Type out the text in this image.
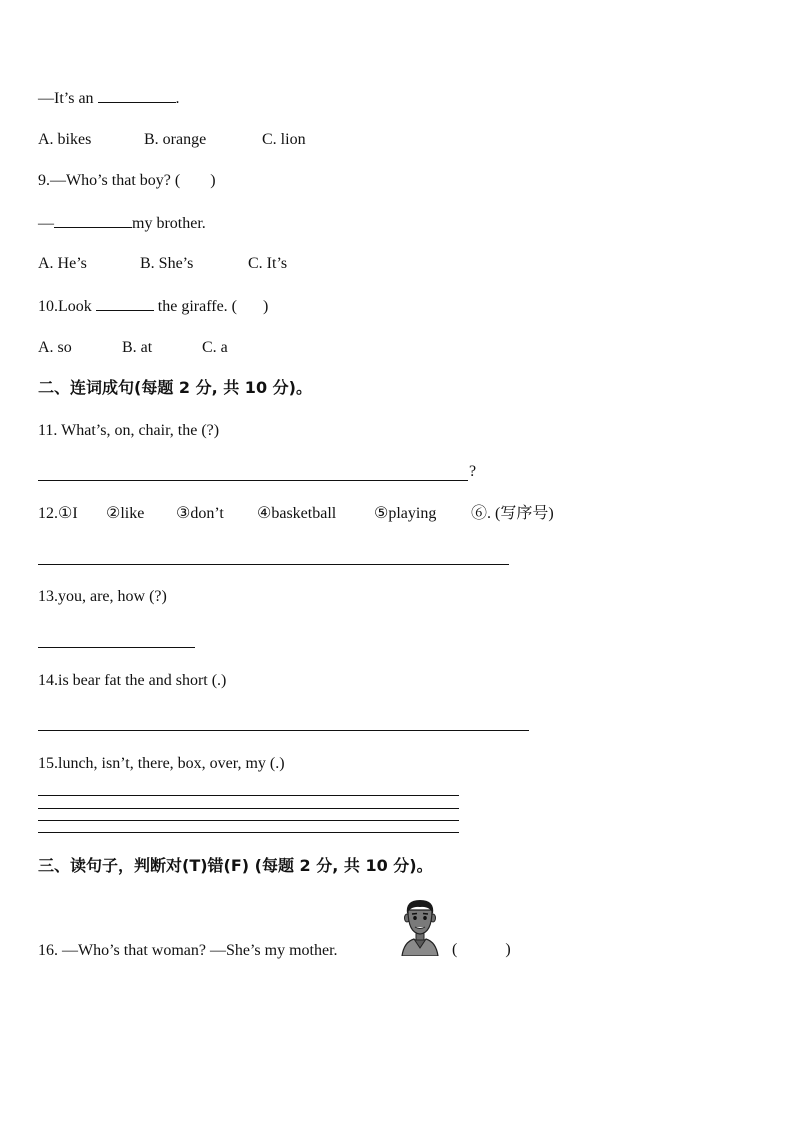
—It’s an	.
A. bikes	B. orange	C. lion
9.—Who’s that boy? ( )
—	my brother.
A. He’s	B. She’s	C. It’s
10.Look	the giraffe. ( )
A. so	B. at	C. a
二、连词成句(每题 2 分, 共 10 分)。
11. What’s, on, chair, the (?)
?
12.①I ②like ③don’t ④basketball ⑤playing ⑥. (写序号)
13.you, are, how (?)
14.is bear fat the and short (.)
15.lunch, isn’t, there, box, over, my (.)
三、读句子，判断对(T)错(F) (每题 2 分, 共 10 分)。
16. —Who’s that woman? —She’s my mother.	(	)
